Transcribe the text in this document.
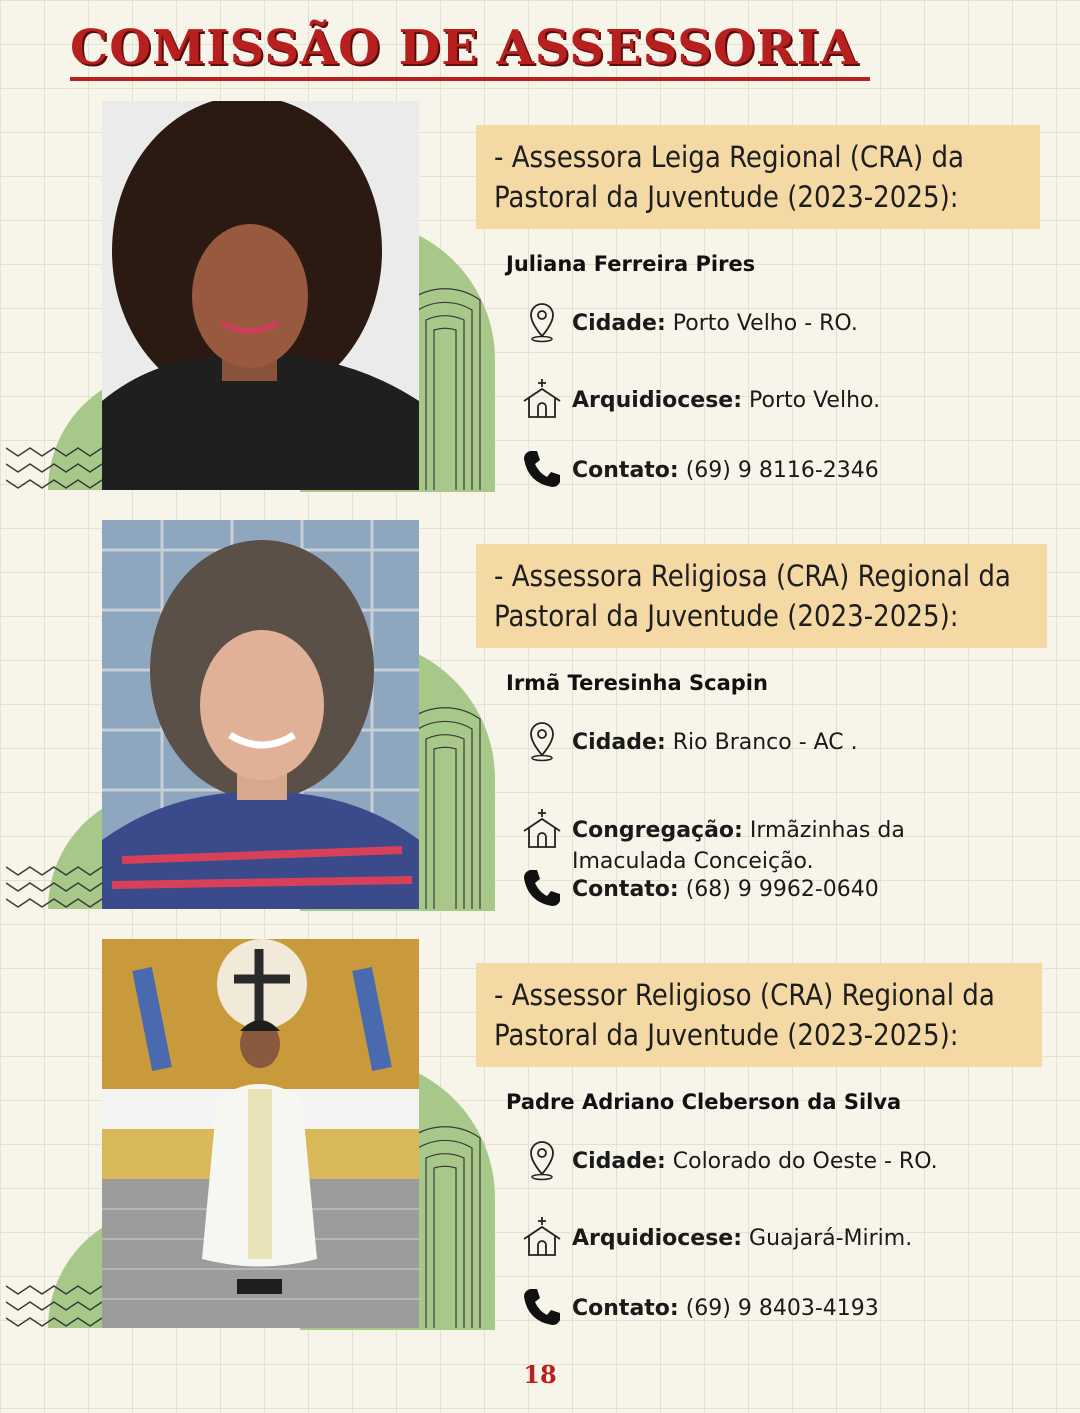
COMISSÃO DE ASSESSORIA
- Assessora Leiga Regional (CRA) da
Pastoral da Juventude (2023-2025):
Juliana Ferreira Pires
Cidade: Porto Velho - RO.
Arquidiocese: Porto Velho.
Contato: (69) 9 8116-2346
- Assessora Religiosa (CRA) Regional da
Pastoral da Juventude (2023-2025):
Irmã Teresinha Scapin
Cidade: Rio Branco - AC .
Congregação: Irmãzinhas da Imaculada Conceição.
Contato: (68) 9 9962-0640
- Assessor Religioso (CRA) Regional da
Pastoral da Juventude (2023-2025):
Padre Adriano Cleberson da Silva
Cidade: Colorado do Oeste - RO.
Arquidiocese: Guajará-Mirim.
Contato: (69) 9 8403-4193
18
